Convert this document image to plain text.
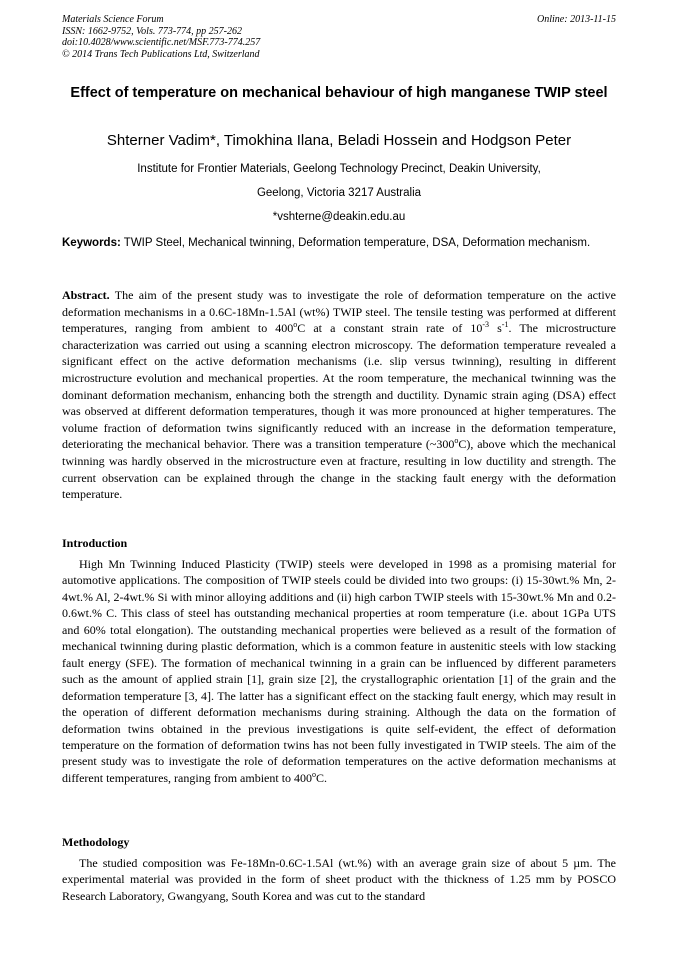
Materials Science Forum
ISSN: 1662-9752, Vols. 773-774, pp 257-262
doi:10.4028/www.scientific.net/MSF.773-774.257
© 2014 Trans Tech Publications Ltd, Switzerland
Online: 2013-11-15
Effect of temperature on mechanical behaviour of high manganese TWIP steel
Shterner Vadim*, Timokhina Ilana, Beladi Hossein and Hodgson Peter
Institute for Frontier Materials, Geelong Technology Precinct, Deakin University,
Geelong, Victoria 3217 Australia
*vshterne@deakin.edu.au
Keywords: TWIP Steel, Mechanical twinning, Deformation temperature, DSA, Deformation mechanism.
Abstract. The aim of the present study was to investigate the role of deformation temperature on the active deformation mechanisms in a 0.6C-18Mn-1.5Al (wt%) TWIP steel. The tensile testing was performed at different temperatures, ranging from ambient to 400$^o$C at a constant strain rate of $10^{-3}$ $s^{-1}$. The microstructure characterization was carried out using a scanning electron microscopy. The deformation temperature revealed a significant effect on the active deformation mechanisms (i.e. slip versus twinning), resulting in different microstructure evolution and mechanical properties. At the room temperature, the mechanical twinning was the dominant deformation mechanism, enhancing both the strength and ductility. Dynamic strain aging (DSA) effect was observed at different deformation temperatures, though it was more pronounced at higher temperatures. The volume fraction of deformation twins significantly reduced with an increase in the deformation temperature, deteriorating the mechanical behavior. There was a transition temperature (~300$^o$C), above which the mechanical twinning was hardly observed in the microstructure even at fracture, resulting in low ductility and strength. The current observation can be explained through the change in the stacking fault energy with the deformation temperature.
Introduction
High Mn Twinning Induced Plasticity (TWIP) steels were developed in 1998 as a promising material for automotive applications. The composition of TWIP steels could be divided into two groups: (i) 15-30wt.% Mn, 2-4wt.% Al, 2-4wt.% Si with minor alloying additions and (ii) high carbon TWIP steels with 15-30wt.% Mn and 0.2-0.6wt.% C. This class of steel has outstanding mechanical properties at room temperature (i.e. about 1GPa UTS and 60% total elongation). The outstanding mechanical properties were believed as a result of the formation of mechanical twinning during plastic deformation, which is a common feature in austenitic steels with low stacking fault energy (SFE). The formation of mechanical twinning in a grain can be influenced by different parameters such as the amount of applied strain [1], grain size [2], the crystallographic orientation [1] of the grain and the deformation temperature [3, 4]. The latter has a significant effect on the stacking fault energy, which may result in the operation of different deformation mechanisms during straining. Although the data on the formation of deformation twins obtained in the previous investigations is quite self-evident, the effect of deformation temperature on the formation of deformation twins has not been fully investigated in TWIP steels. The aim of the present study was to investigate the role of deformation temperatures on the active deformation mechanisms at different temperatures, ranging from ambient to 400$^o$C.
Methodology
The studied composition was Fe-18Mn-0.6C-1.5Al (wt.%) with an average grain size of about 5 µm. The experimental material was provided in the form of sheet product with the thickness of 1.25 mm by POSCO Research Laboratory, Gwangyang, South Korea and was cut to the standard
